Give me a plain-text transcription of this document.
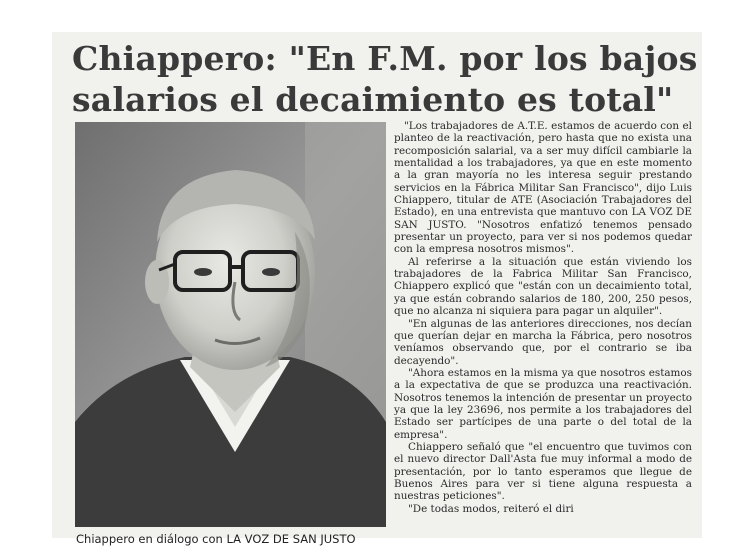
Chiappero: "En F.M. por los bajos
salarios el decaimiento es total"
Chiappero en diálogo con LA VOZ DE SAN JUSTO

"Los trabajadores de A.T.E. estamos de acuerdo con el planteo de la reactivación, pero hasta que no exista una recomposición salarial, va a ser muy difícil cambiarle la mentalidad a los trabajadores, ya que en este momento a la gran mayoría no les interesa seguir prestando servicios en la Fábrica Militar San Francisco", dijo Luis Chiappero, titular de ATE (Asociación Trabajadores del Estado), en una entrevista que mantuvo con LA VOZ DE SAN JUSTO. "Nosotros enfatizó tenemos pensado presentar un proyecto, para ver si nos podemos quedar con la empresa nosotros mismos".

Al referirse a la situación que están viviendo los trabajadores de la Fabrica Militar San Francisco, Chiappero explicó que "están con un decaimiento total, ya que están cobrando salarios de 180, 200, 250 pesos, que no alcanza ni siquiera para pagar un alquiler".

"En algunas de las anteriores direcciones, nos decían que querían dejar en marcha la Fábrica, pero nosotros veníamos observando que, por el contrario se iba decayendo".

"Ahora estamos en la misma ya que nosotros estamos a la expectativa de que se produzca una reactivación. Nosotros tenemos la intención de presentar un proyecto ya que la ley 23696, nos permite a los trabajadores del Estado ser partícipes de una parte o del total de la empresa".

Chiappero señaló que "el encuentro que tuvimos con el nuevo director Dall'Asta fue muy informal a modo de presentación, por lo tanto esperamos que llegue de Buenos Aires para ver si tiene alguna respuesta a nuestras peticiones".

"De todas modos, reiteró el diri
